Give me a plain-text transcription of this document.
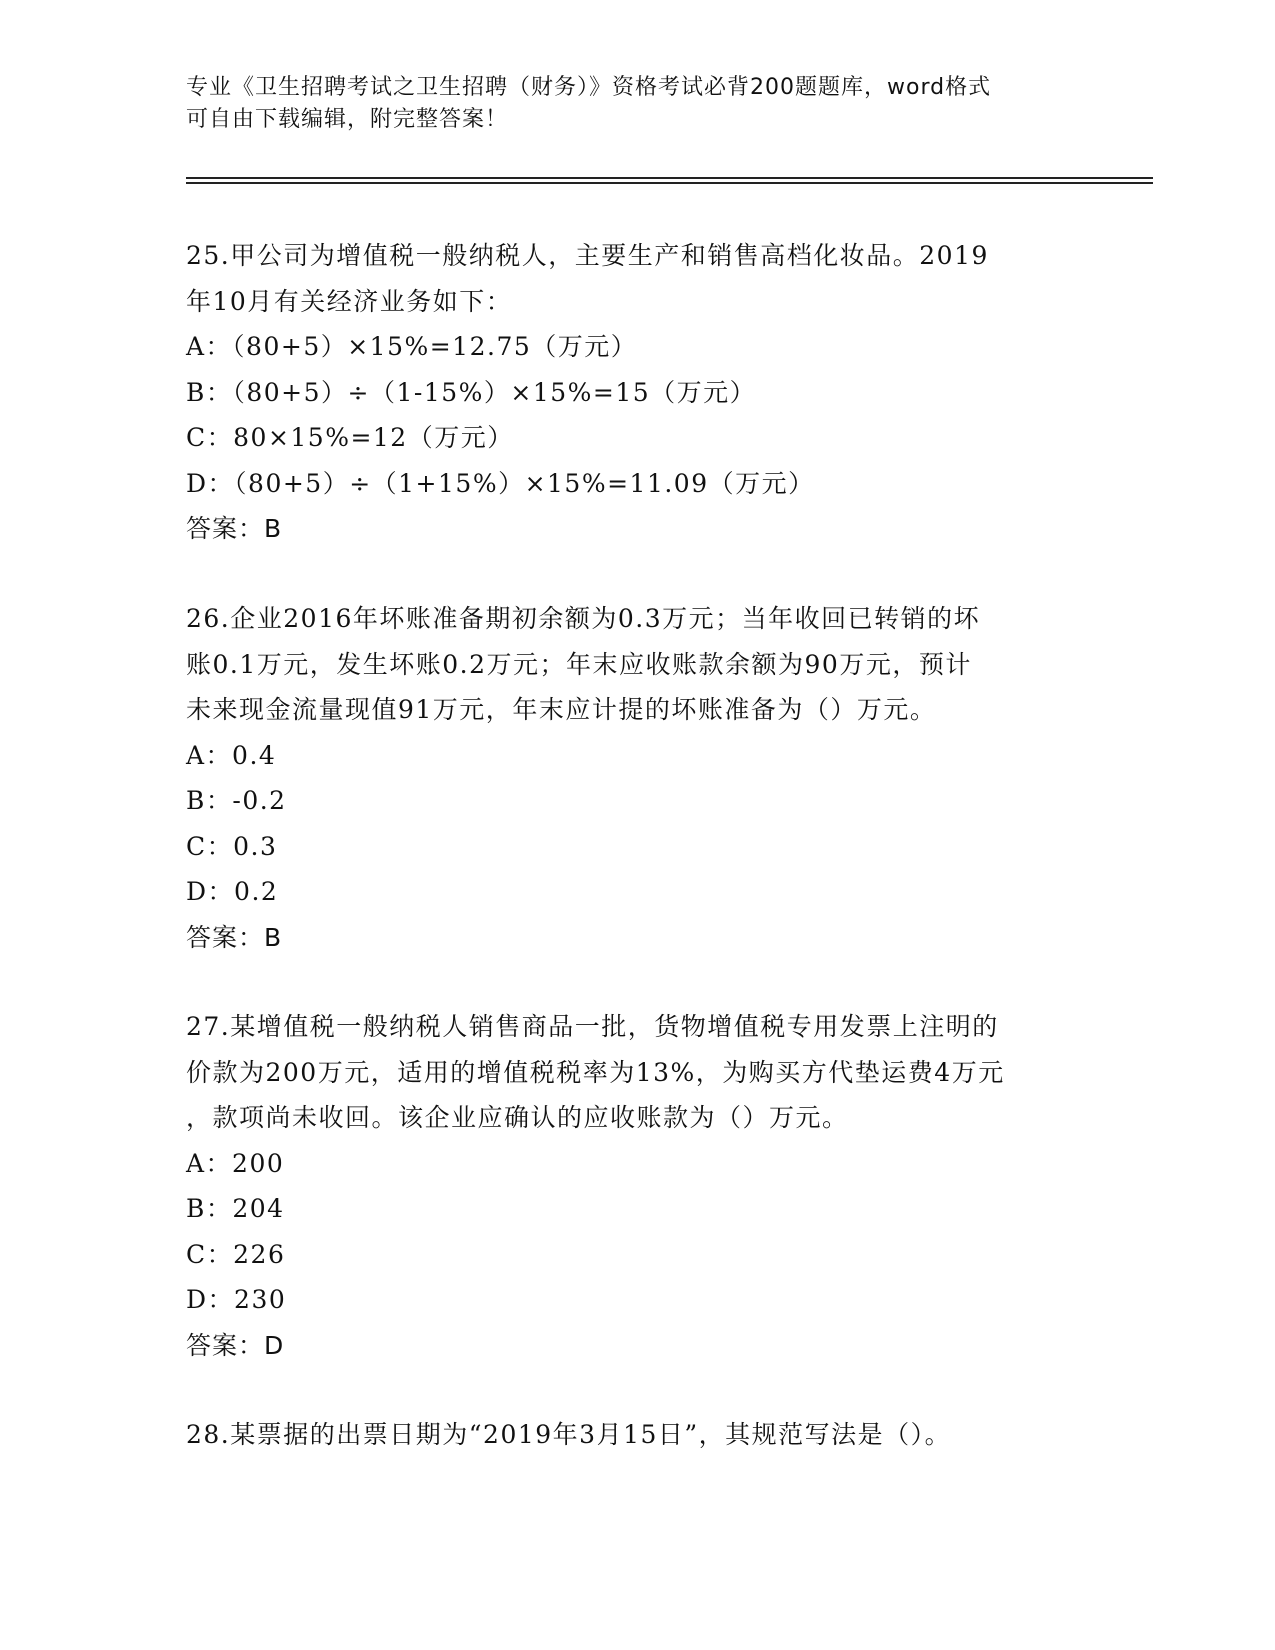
专业《卫生招聘考试之卫生招聘（财务）》资格考试必背200题题库，word格式

可自由下载编辑，附完整答案！

25.甲公司为增值税一般纳税人，主要生产和销售高档化妆品。2019

年10月有关经济业务如下：

A：（80+5）×15%=12.75（万元）

B：（80+5）÷（1-15%）×15%=15（万元）

C：80×15%=12（万元）

D：（80+5）÷（1+15%）×15%=11.09（万元）

答案：B

26.企业2016年坏账准备期初余额为0.3万元；当年收回已转销的坏

账0.1万元，发生坏账0.2万元；年末应收账款余额为90万元，预计

未来现金流量现值91万元，年末应计提的坏账准备为（）万元。

A：0.4

B：-0.2

C：0.3

D：0.2

答案：B

27.某增值税一般纳税人销售商品一批，货物增值税专用发票上注明的

价款为200万元，适用的增值税税率为13%，为购买方代垫运费4万元

，款项尚未收回。该企业应确认的应收账款为（）万元。

A：200

B：204

C：226

D：230

答案：D

28.某票据的出票日期为“2019年3月15日”，其规范写法是（）。
